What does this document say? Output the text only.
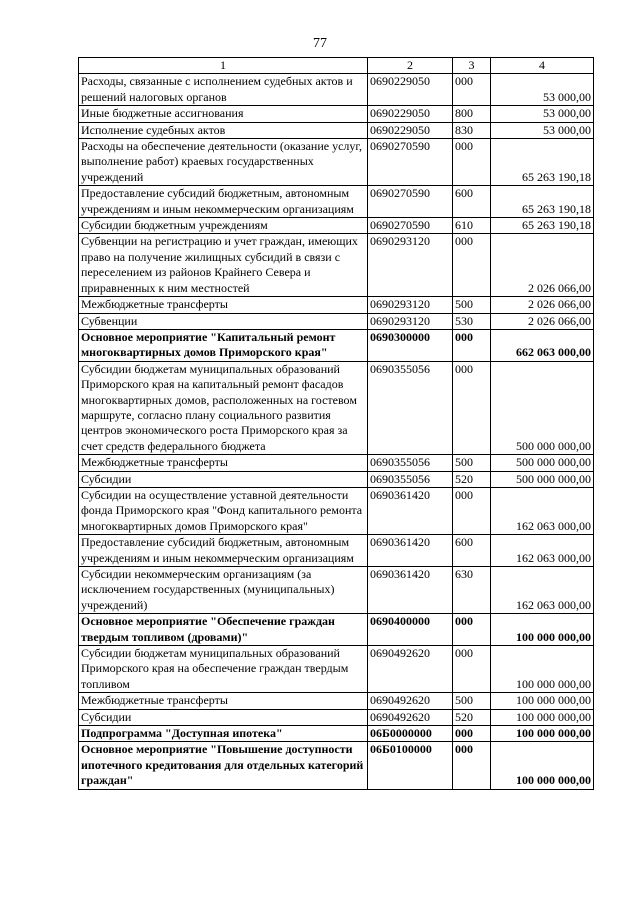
77
1	2	3	4
Расходы, связанные с исполнением судебных актов и решений налоговых органов	0690229050	000	53 000,00
Иные бюджетные ассигнования	0690229050	800	53 000,00
Исполнение судебных актов	0690229050	830	53 000,00
Расходы на обеспечение деятельности (оказание услуг, выполнение работ) краевых государственных учреждений	0690270590	000	65 263 190,18
Предоставление субсидий бюджетным, автономным учреждениям и иным некоммерческим организациям	0690270590	600	65 263 190,18
Субсидии бюджетным учреждениям	0690270590	610	65 263 190,18
Субвенции на регистрацию и учет граждан, имеющих право на получение жилищных субсидий в связи с переселением из районов Крайнего Севера и приравненных к ним местностей	0690293120	000	2 026 066,00
Межбюджетные трансферты	0690293120	500	2 026 066,00
Субвенции	0690293120	530	2 026 066,00
Основное мероприятие "Капитальный ремонт многоквартирных домов Приморского края"	0690300000	000	662 063 000,00
Субсидии бюджетам муниципальных образований Приморского края на капитальный ремонт фасадов многоквартирных домов, расположенных на гостевом маршруте, согласно плану социального развития центров экономического роста Приморского края за счет средств федерального бюджета	0690355056	000	500 000 000,00
Межбюджетные трансферты	0690355056	500	500 000 000,00
Субсидии	0690355056	520	500 000 000,00
Субсидии на осуществление уставной деятельности фонда Приморского края "Фонд капитального ремонта многоквартирных домов Приморского края"	0690361420	000	162 063 000,00
Предоставление субсидий бюджетным, автономным учреждениям и иным некоммерческим организациям	0690361420	600	162 063 000,00
Субсидии некоммерческим организациям (за исключением государственных (муниципальных) учреждений)	0690361420	630	162 063 000,00
Основное мероприятие "Обеспечение граждан твердым топливом (дровами)"	0690400000	000	100 000 000,00
Субсидии бюджетам муниципальных образований Приморского края на обеспечение граждан твердым топливом	0690492620	000	100 000 000,00
Межбюджетные трансферты	0690492620	500	100 000 000,00
Субсидии	0690492620	520	100 000 000,00
Подпрограмма "Доступная ипотека"	06Б0000000	000	100 000 000,00
Основное мероприятие "Повышение доступности ипотечного кредитования для отдельных категорий граждан"	06Б0100000	000	100 000 000,00
